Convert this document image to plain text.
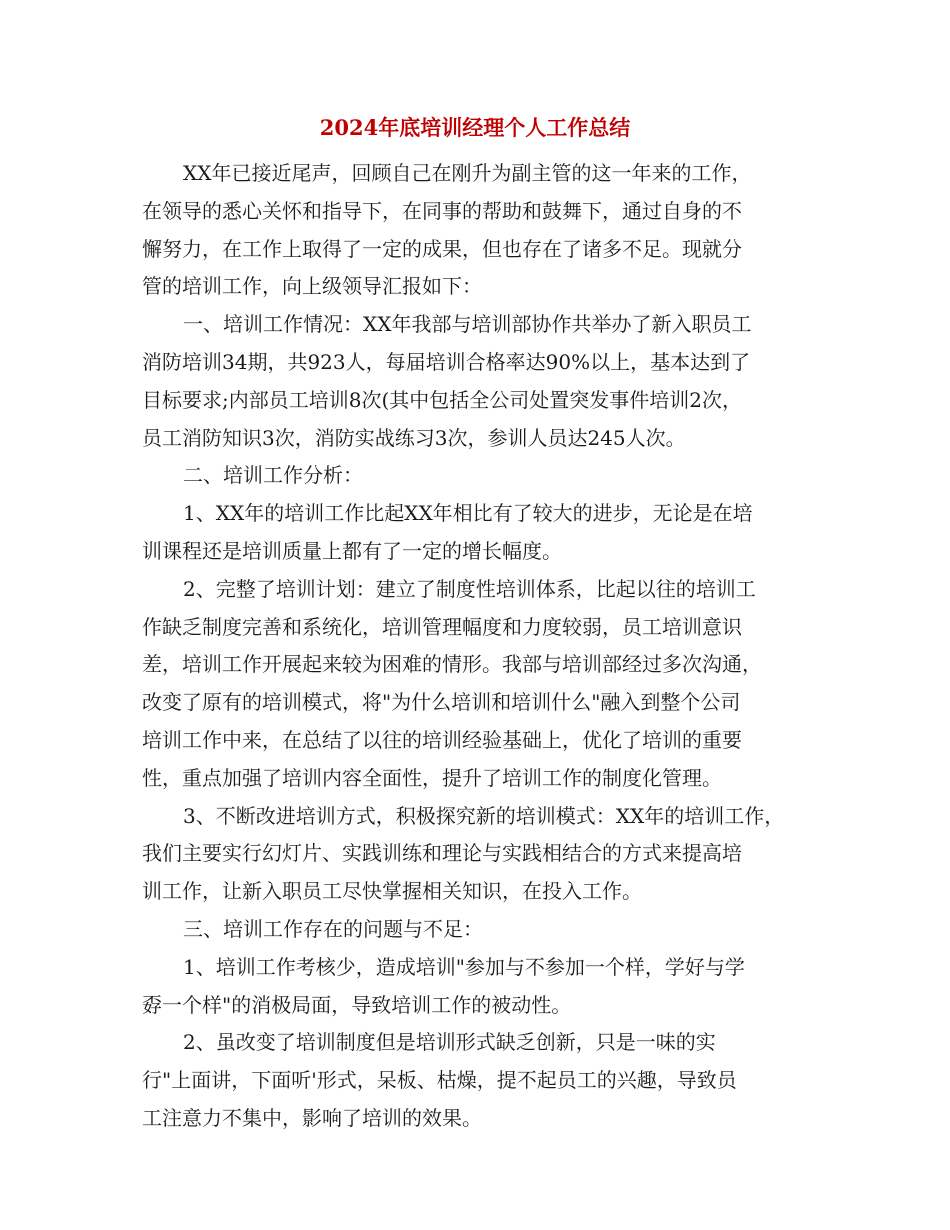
2024年底培训经理个人工作总结
XX年已接近尾声，回顾自己在刚升为副主管的这一年来的工作，
在领导的悉心关怀和指导下，在同事的帮助和鼓舞下，通过自身的不
懈努力，在工作上取得了一定的成果，但也存在了诸多不足。现就分
管的培训工作，向上级领导汇报如下：
一、培训工作情况：XX年我部与培训部协作共举办了新入职员工
消防培训34期，共923人，每届培训合格率达90%以上，基本达到了
目标要求;内部员工培训8次(其中包括全公司处置突发事件培训2次，
员工消防知识3次，消防实战练习3次，参训人员达245人次。
二、培训工作分析：
1、XX年的培训工作比起XX年相比有了较大的进步，无论是在培
训课程还是培训质量上都有了一定的增长幅度。
2、完整了培训计划：建立了制度性培训体系，比起以往的培训工
作缺乏制度完善和系统化，培训管理幅度和力度较弱，员工培训意识
差，培训工作开展起来较为困难的情形。我部与培训部经过多次沟通，
改变了原有的培训模式，将"为什么培训和培训什么"融入到整个公司
培训工作中来，在总结了以往的培训经验基础上，优化了培训的重要
性，重点加强了培训内容全面性，提升了培训工作的制度化管理。
3、不断改进培训方式，积极探究新的培训模式：XX年的培训工作，
我们主要实行幻灯片、实践训练和理论与实践相结合的方式来提高培
训工作，让新入职员工尽快掌握相关知识，在投入工作。
三、培训工作存在的问题与不足：
1、培训工作考核少，造成培训"参加与不参加一个样，学好与学
孬一个样"的消极局面，导致培训工作的被动性。
2、虽改变了培训制度但是培训形式缺乏创新，只是一味的实
行"上面讲，下面听'形式，呆板、枯燥，提不起员工的兴趣，导致员
工注意力不集中，影响了培训的效果。
